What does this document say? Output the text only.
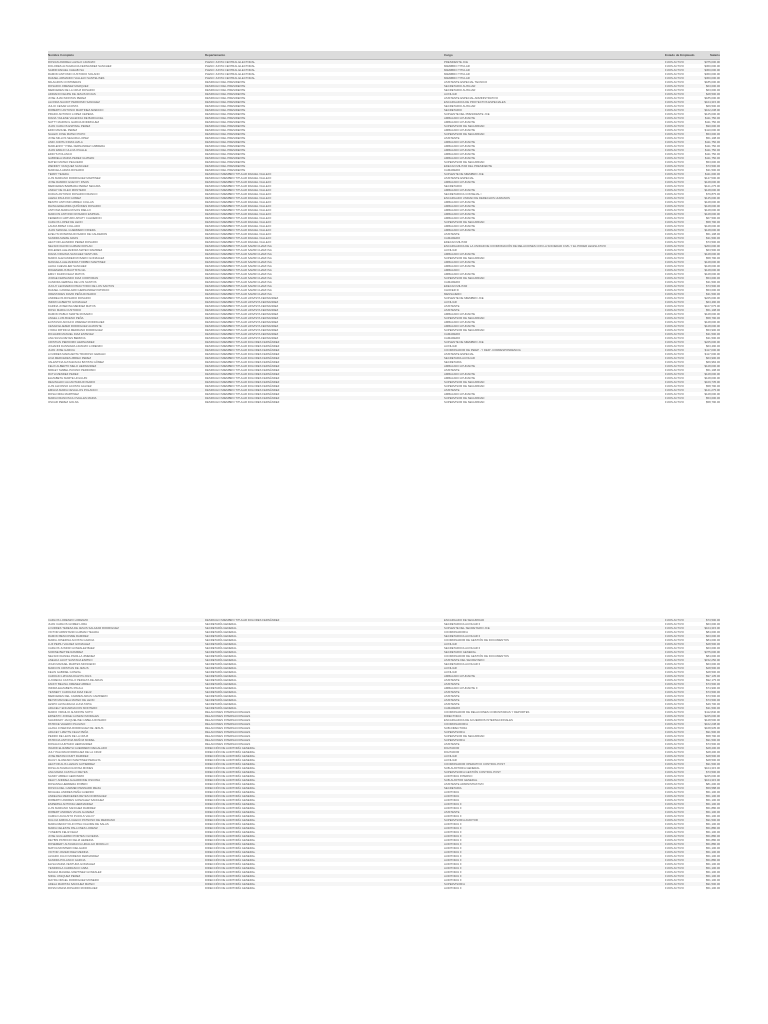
Nombre Completo	Departamento	Cargo	Estado de Empleado	Salario
ROSIAN ANDREA LAZALO LIRANZO	PLENO JUNTA CENTRAL ELECTORAL	PRESIDENTE JCE	FIJOS ACTIVO	$375,000.00
DOLORES ALTAGRACIA FERNANDEZ SANCHEZ	PLENO JUNTA CENTRAL ELECTORAL	MIEMBRO TITULAR	FIJOS ACTIVO	$360,000.00
SAMIR RAFAEL CHEAB ISA	PLENO JUNTA CENTRAL ELECTORAL	MIEMBRO TITULAR	FIJOS ACTIVO	$360,000.00
RAMON ANTONIO CUSTODIO SOLANO	PLENO JUNTA CENTRAL ELECTORAL	MIEMBRO TITULAR	FIJOS ACTIVO	$360,000.00
RAFAEL ARMANDO VALLEJO SANTELISES	PLENO JUNTA CENTRAL ELECTORAL	MIEMBRO TITULAR	FIJOS ACTIVO	$360,000.00
MILAGROS CONTRERAS	DESPACHO DEL PRESIDENTE	ASISTENTE ESPECIAL TECNICO	FIJOS ACTIVO	$185,000.00
ROSARIO JIMENEZ MARQUEZ	DESPACHO DEL PRESIDENTE	SECRETARIO AUXILIAR	FIJOS ACTIVO	$63,000.00
MERCEDES DE LA CRUZ ROSARIO	DESPACHO DEL PRESIDENTE	SECRETARIO AUXILIAR	FIJOS ACTIVO	$63,000.00
ADRIANO FELIPE DE JESUS ROJAS	DESPACHO DEL PRESIDENTE	AUXILIAR	FIJOS ACTIVO	$28,500.00
JOSE JUAN MONTAS PEREZ	DESPACHO DEL PRESIDENTE	ASISTENTE ESPECIAL ADMINISTRATIVO	FIJOS ACTIVO	$185,000.00
ALONDA NAUDIT PERDOMO SANCHEZ	DESPACHO DEL PRESIDENTE	ENCARGADO/A DE PROYECTOS ESPECIALES	FIJOS ACTIVO	$104,315.00
JULIO CESAR ACOSTA	DESPACHO DEL PRESIDENTE	SECRETARIO AUXILIAR	FIJOS ACTIVO	$69,500.00
ROBERTO ANTONIO MARTINEZ ARENCIO	DESPACHO DEL PRESIDENTE	SECRETARIO	FIJOS ACTIVO	$102,238.00
PRADO ANTONIO LOPEZ CEPEDA	DESPACHO DEL PRESIDENTE	SUPLENTE DEL PRESIDENTE JCE	FIJOS ACTIVO	$125,000.00
DIANA YAILENE VALENCIA DE BARCACEL	DESPACHO DEL PRESIDENTE	AMBAJADO AYUDANTE	FIJOS ACTIVO	$111,750.00
NATTY MARISOL GARCIA RODRIGUEZ	DESPACHO DEL PRESIDENTE	AMBAJADO AYUDANTE	FIJOS ACTIVO	$111,750.00
JUAN CARLOS ESPINAL PEREZ	DESPACHO DEL PRESIDENTE	SUPERVISOR DE SEGURIDAD	FIJOS ACTIVO	$90,000.00
EDDI MANUEL PEREZ	DESPACHO DEL PRESIDENTE	AMBAJADO AYUDANTE	FIJOS ACTIVO	$110,000.00
NALEXI JOSE MATEO PUPO	DESPACHO DEL PRESIDENTE	SUPERVISOR DE SEGURIDAD	FIJOS ACTIVO	$53,000.00
JOSE MILLOS SEGURA LOPEZ	DESPACHO DEL PRESIDENTE	ASISTENTE	FIJOS ACTIVO	$51,108.00
ANDI JUDITH FRIAS AVILA	DESPACHO DEL PRESIDENTE	AMBAJADO AYUDANTE	FIJOS ACTIVO	$111,750.00
MARLENNY YTZEL FERNANDEZ CABRERA	DESPACHO DEL PRESIDENTE	AMBAJADO AYUDANTE	FIJOS ACTIVO	$111,750.00
JUAN EMILIO ULLOA OVALLE	DESPACHO DEL PRESIDENTE	AMBAJADO AYUDANTE	FIJOS ACTIVO	$111,750.00
EDDYS POLANCO	DESPACHO DEL PRESIDENTE	AMBAJADO AYUDANTE	FIJOS ACTIVO	$111,750.00
GABRIELA MARIA PEREZ GUZMAN	DESPACHO DEL PRESIDENTE	AMBAJADO AYUDANTE	FIJOS ACTIVO	$111,750.00
MATEO MATEO PEGUERO	DESPACHO DEL PRESIDENTE	SUPERVISOR DE SEGURIDAD	FIJOS ACTIVO	$53,000.00
WENDRY VASQUEZ SANCHEZ	DESPACHO DEL PRESIDENTE	EDECAN MILITAR DEL PRESIDENTE	FIJOS ACTIVO	$73,500.00
MARCELA ARIAS ROSARIO	DESPACHO DEL PRESIDENTE	CAMARERO	FIJOS ACTIVO	$31,500.00
TERRY TEJEDA	DESPACHO MIEMBRO TITULAR RAFAEL VALLEJO	SUPLENTE DE MIEMBRO JCE	FIJOS ACTIVO	$111,000.00
LUIS MARIANO RODRIGUEZ MARTINEZ	DESPACHO MIEMBRO TITULAR RAFAEL VALLEJO	ASISTENTE ESPECIAL	FIJOS ACTIVO	$147,500.00
JOSE RAMIRO GUEVOY RIVAS	DESPACHO MIEMBRO TITULAR RAFAEL VALLEJO	AMBAJADO AYUDANTE	FIJOS ACTIVO	$128,000.00
MERCEDES BARBARA PEREZ SEGURA	DESPACHO MIEMBRO TITULAR RAFAEL VALLEJO	SECRETARIO	FIJOS ACTIVO	$121,275.00
ANDHY DE OLEO MONTERO	DESPACHO MIEMBRO TITULAR RAFAEL VALLEJO	AMBAJADO AYUDANTE	FIJOS ACTIVO	$128,000.00
DUDAS ANTONIO ROSARIO FRANCO	DESPACHO MIEMBRO TITULAR RAFAEL VALLEJO	SECRETARIO/A CONSEJAL I	FIJOS ACTIVO	$79,875.00
ALENA PAULINO GOMEZ	DESPACHO MIEMBRO TITULAR RAFAEL VALLEJO	ENCARGADO UNIDAD DE DERECHOS HUMANOS	FIJOS ACTIVO	$145,000.00
BENITO ANTONIO ABREU COLLAS	DESPACHO MIEMBRO TITULAR RAFAEL VALLEJO	AMBAJADO AYUDANTE	FIJOS ACTIVO	$128,000.00
RHINA EDELMIRA QUIÑONES ROSARIO	DESPACHO MIEMBRO TITULAR RAFAEL VALLEJO	AMBAJADO AYUDANTE	FIJOS ACTIVO	$128,000.00
ANTONIA MARIA ROVAS RIELLO	DESPACHO MIEMBRO TITULAR RAFAEL VALLEJO	AMBAJADO AYUDANTE	FIJOS ACTIVO	$128,000.00
MARCOS ANTONIO ROSARIO ESPINAL	DESPACHO MIEMBRO TITULAR RAFAEL VALLEJO	AMBAJADO AYUDANTE	FIJOS ACTIVO	$128,000.00
FEDERICO ARTURO APIATY CALDERON	DESPACHO MIEMBRO TITULAR RAFAEL VALLEJO	AMBAJADO AYUDANTE	FIJOS ACTIVO	$67,500.00
CARLOS LOPEZ DE LEON	DESPACHO MIEMBRO TITULAR RAFAEL VALLEJO	SUPERVISOR DE SEGURIDAD	FIJOS ACTIVO	$58,790.00
LAURA BIPEZ COLLADO	DESPACHO MIEMBRO TITULAR RAFAEL VALLEJO	AMBAJADO AYUDANTE	FIJOS ACTIVO	$128,000.00
JUAN MANUEL GUERRERO FRIERA	DESPACHO MIEMBRO TITULAR RAFAEL VALLEJO	AMBAJADO AYUDANTE	FIJOS ACTIVO	$128,000.00
EVELYN ROSMINA ROSARIO DE CALDERON	DESPACHO MIEMBRO TITULAR RAFAEL VALLEJO	ASISTENTE	FIJOS ACTIVO	$51,108.00
SANDRA MARIE ARIAS	DESPACHO MIEMBRO TITULAR RAFAEL VALLEJO	CAMARERO	FIJOS ACTIVO	$31,500.00
HECTOR LEANDRO PEREZ ROSARIO	DESPACHO MIEMBRO TITULAR RAFAEL VALLEJO	EDECAN MILITAR	FIJOS ACTIVO	$73,500.00
NELSON DAVID GUZMAN DIPLAN	DESPACHO MIEMBRO TITULAR SAMIR CHAMI ISA	ENCARGADO/A DE LA UNIDAD DE COORDINACIÓN DE RELACIONES CON LA SOCIEDAD CIVIL Y EL PODER LEGISLATIVO	FIJOS ACTIVO	$200,000.00
ROLEDES ALEJANDRA MATEO RAMIREZ	DESPACHO MIEMBRO TITULAR SAMIR CHAMI ISA	AUXILIAR	FIJOS ACTIVO	$63,500.00
DIANA VIRGINIA SANCHEZ VENTURA	DESPACHO MIEMBRO TITULAR SAMIR CHAMI ISA	AMBAJADO AYUDANTE	FIJOS ACTIVO	$128,000.00
MARIO ALEXANDER ROSARIO GONZALEZ	DESPACHO MIEMBRO TITULAR SAMIR CHAMI ISA	SUPERVISOR DE SEGURIDAD	FIJOS ACTIVO	$58,790.00
MANUELA ALEJANDRA TORIBIO MARTINEZ	DESPACHO MIEMBRO TITULAR SAMIR CHAMI ISA	AMBAJADO AYUDANTE	FIJOS ACTIVO	$128,000.00
ALIDA CHEVALIER SANCHEZ	DESPACHO MIEMBRO TITULAR SAMIR CHAMI ISA	AMBAJADO AYUDANTE	FIJOS ACTIVO	$128,000.00
ROHEMARLIS BAUTISTA GIL	DESPACHO MIEMBRO TITULAR SAMIR CHAMI ISA	AMBAJADO	FIJOS ACTIVO	$128,000.00
EMILY DARIN FELIZ MATOS	DESPACHO MIEMBRO TITULAR SAMIR CHAMI ISA	AMBAJADO AYUDANTE	FIJOS ACTIVO	$128,000.00
JORGE FERNANDO DIAZ CORPORAN	DESPACHO MIEMBRO TITULAR SAMIR CHAMI ISA	SUPERVISOR DE SEGURIDAD	FIJOS ACTIVO	$53,000.00
CANDIDA GEBINAL DE LOS SANTOS	DESPACHO MIEMBRO TITULAR SAMIR CHAMI ISA	CAMARERO	FIJOS ACTIVO	$31,500.00
JUCHY LEONARDO PRACTVIDO DE LOS SANTOS	DESPACHO MIEMBRO TITULAR SAMIR CHAMI ISA	EDECAN MILITAR	FIJOS ACTIVO	$73,500.00
RAFAEL CANDELARIO HERNANDEZ PATRICIO	DESPACHO MIEMBRO TITULAR SAMIR CHAMI ISA	CHOFER III	FIJOS ACTIVO	$53,000.00
ORESTADES DAVID PEÑA ROSARIO	DESPACHO MIEMBRO TITULAR SAMIR CHAMI ISA	MENSAJERO	FIJOS ACTIVO	$31,500.00
ANDRELOS ROSARIO ROSARIO	DESPACHO MIEMBRO TITULAR HINVISTA FERNANDEZ	SUPLENTE DE MIEMBRO JCE	FIJOS ACTIVO	$225,000.00
ISIDRO ALBERTO GONZALEZ	DESPACHO MIEMBRO TITULAR HINVISTA FERNANDEZ	AUXILIAR	FIJOS ACTIVO	$63,490.00
KARINA JOSEFINA MENDEZ MATOS	DESPACHO MIEMBRO TITULAR HINVISTA FERNANDEZ	ASISTENTE	FIJOS ACTIVO	$107,675.00
ROSU MARIA CUSTODIO	DESPACHO MIEMBRO TITULAR HINVISTA FERNANDEZ	ASISTENTE	FIJOS ACTIVO	$51,108.00
RAMON PABLO MARTE ROSARIO	DESPACHO MIEMBRO TITULAR HINVISTA FERNANDEZ	AMBAJADO AYUDANTE	FIJOS ACTIVO	$128,000.00
ANGEL LUIS BUENO PEÑA	DESPACHO MIEMBRO TITULAR HINVISTA FERNANDEZ	SUPERVISOR DE SEGURIDAD	FIJOS ACTIVO	$58,790.00
EUSTASIO ADOLFO JIMENEZ RODRIGUEZ	DESPACHO MIEMBRO TITULAR HINVISTA FERNANDEZ	AMBAJADO AYUDANTE	FIJOS ACTIVO	$128,000.00
CESAR ELIEZER RODRIGUEZ ALMONTE	DESPACHO MIEMBRO TITULAR HINVISTA FERNANDEZ	AMBAJADO AYUDANTE	FIJOS ACTIVO	$128,000.00
LYDDA PATRICIA MEDRANO RODRIGUEZ	DESPACHO MIEMBRO TITULAR HINVISTA FERNANDEZ	SUPERVISOR DE SEGURIDAD	FIJOS ACTIVO	$53,900.00
RICHARD MANUEL DIAZ ESTEVEZ	DESPACHO MIEMBRO TITULAR HINVISTA FERNANDEZ	CAMARERO	FIJOS ACTIVO	$31,500.00
ANA SILVIA REYES BERROA	DESPACHO MIEMBRO TITULAR HINVISTA FERNANDEZ	CAMARERO	FIJOS ACTIVO	$31,500.00
CRISTIAN PERDOMO HERNANDEZ	DESPACHO MIEMBRO TITULAR DOLORES FERNÁNDEZ	SUPLENTE DE MIEMBRO JCE	FIJOS ACTIVO	$225,000.00
JOHANNI DANNIARA LIRANZO LORENZO	DESPACHO MIEMBRO TITULAR DOLORES FERNÁNDEZ	AUXILIAR	FIJOS ACTIVO	$63,490.00
JUAN JOSE GARCIA	DESPACHO MIEMBRO TITULAR DOLORES FERNÁNDEZ	COORDINADOR DE PEIEP - Y DEIP -CORRESPONDENCIA	FIJOS ACTIVO	$117,000.00
LOURDES MARGARITA TRUROSO GERALD	DESPACHO MIEMBRO TITULAR DOLORES FERNÁNDEZ	ASISTENTE ESPECIAL	FIJOS ACTIVO	$117,000.00
LINA MERCEDES ABREU PEREZ	DESPACHO MIEMBRO TITULAR DOLORES FERNÁNDEZ	SECRETARIA AUXILIAR	FIJOS ACTIVO	$63,900.00
VALENTINA ALTAGRACIA BATISTA GÓMEZ	DESPACHO MIEMBRO TITULAR DOLORES FERNÁNDEZ	SECRETARIA	FIJOS ACTIVO	$69,984.00
FELIX ALBERTO MELO HERNANDEZ	DESPACHO MIEMBRO TITULAR DOLORES FERNÁNDEZ	AMBAJADO AYUDANTE	FIJOS ACTIVO	$128,000.00
MIRLEY MABEL PAYANO PERDOMO	DESPACHO MIEMBRO TITULAR DOLORES FERNÁNDEZ	ASISTENTE	FIJOS ACTIVO	$51,108.00
RUTH MENDEZ PEREZ	DESPACHO MIEMBRO TITULAR DOLORES FERNÁNDEZ	AMBAJADO AYUDANTE	FIJOS ACTIVO	$128,000.00
ELIZABETH MARTE HOLGUIN	DESPACHO MIEMBRO TITULAR DOLORES FERNÁNDEZ	AMBAJADO AYUDANTE	FIJOS ACTIVO	$128,000.00
REGINALDO ALCANTARA ROSARIO	DESPACHO MIEMBRO TITULAR DOLORES FERNÁNDEZ	SUPERVISOR DE SEGURIDAD	FIJOS ACTIVO	$109,735.00
LUIS ALFONSO ACOSTA GALVEZ	DESPACHO MIEMBRO TITULAR DOLORES FERNÁNDEZ	SUPERVISOR DE SEGURIDAD	FIJOS ACTIVO	$58,790.00
EMILDA MARIA CEVALLOS POLANCO	DESPACHO MIEMBRO TITULAR DOLORES FERNÁNDEZ	ASISTENTE	FIJOS ACTIVO	$121,275.00
ROSA NIDIA MARTINEZ	DESPACHO MIEMBRO TITULAR DOLORES FERNÁNDEZ	AMBAJADO AYUDANTE	FIJOS ACTIVO	$128,000.00
MARIA FRANCISCA OVALLES MARIA	DESPACHO MIEMBRO TITULAR DOLORES FERNÁNDEZ	SUPERVISOR DE SEGURIDAD	FIJOS ACTIVO	$53,000.00
OSCAR PEREZ GOLNA	DESPACHO MIEMBRO TITULAR DOLORES FERNÁNDEZ	SUPERVISOR DE SEGURIDAD	FIJOS ACTIVO	$58,790.00
CARLOS LORENZO LORENZO	DESPACHO MIEMBRO TITULAR DOLORES FERNÁNDEZ	ENCARGADO DE SEGURIDAD	FIJOS ACTIVO	$73,500.00
JUAN CARLOS GOMEZ LORA	SECRETARÍA GENERAL	SECRETARIO/A AUXILIAR II	FIJOS ACTIVO	$63,000.00
LOURDES TERESA DE JESUS SALAZAR RODRIGUEZ	SECRETARÍA GENERAL	SUPLENTE DEL SECRETARIO JCE	FIJOS ACTIVO	$104,315.00
VICTOR ARMSTAND GUZMAN TEJADA	SECRETARÍA GENERAL	COORDINADOR/A	FIJOS ACTIVO	$84,000.00
RAMON BENCOSME RAMIREZ	SECRETARÍA GENERAL	SECRETARIO/A AUXILIAR II	FIJOS ACTIVO	$63,000.00
MARIA JOSEFINA ACOSTA GARCIA	SECRETARÍA GENERAL	COORDINADOR DE GESTIÓN DE DOCUMENTOS	FIJOS ACTIVO	$84,000.00
LUZ PEPILI VALDEZ GONZALEZ	SECRETARÍA GENERAL	AUXILIAR	FIJOS ACTIVO	$28,500.00
CARLOS JUNIOR GONZALEZ BAEZ	SECRETARÍA GENERAL	SECRETARIO/A AUXILIAR II	FIJOS ACTIVO	$63,000.00
SORINE BEITRE RAMIREZ	SECRETARÍA GENERAL	SECRETARIO GENERAL	FIJOS ACTIVO	$375,000.00
NELSON DANIEL PADILLA JIMENEZ	SECRETARÍA GENERAL	COORDINADOR DE GESTIÓN DE DOCUMENTOS	FIJOS ACTIVO	$84,000.00
ANELDA JACIT SANTANA ESPINO	SECRETARÍA GENERAL	ASISTENTE DEL SECRETARIO	FIJOS ACTIVO	$152,250.00
JOHN MANUEL MARTES MONCENO	SECRETARÍA GENERAL	SECRETARIO/A AUXILIAR II	FIJOS ACTIVO	$63,000.00
MARCOS CRISTIAN DE JESUS	SECRETARÍA GENERAL	AUXILIAR	FIJOS ACTIVO	$28,500.00
KELIN GABRIEL GONZAL	SECRETARÍA GENERAL	AUXILIAR	FIJOS ACTIVO	$28,500.00
CAROLIN LIZVANA DIAZ PUJOLS	SECRETARÍA GENERAL	AMBAJADO AYUDANTE	FIJOS ACTIVO	$97,135.00
LUCRECIA CASTILLO PERALTA DE ARIAS	SECRETARÍA GENERAL	ASISTENTE	FIJOS ACTIVO	$92,175.00
FANNY BELINA JIMENEZ ABREU	SECRETARÍA GENERAL	ASISTENTE	FIJOS ACTIVO	$73,500.00
INDIRA ELIZABETH PAULA	SECRETARÍA GENERAL	AMBAJADO AYUDANTE II	FIJOS ACTIVO	$74,900.00
YENNEFY CAROLINA DIAZ FELIZ	SECRETARÍA GENERAL	ASISTENTE	FIJOS ACTIVO	$73,500.00
MERCEDES DEL CARMEN ARIAS CAMINERO	SECRETARÍA GENERAL	ASISTENTE	FIJOS ACTIVO	$73,500.00
BEYMI MANUELA MATEO DE LEON	SECRETARÍA GENERAL	ASISTENTE	FIJOS ACTIVO	$73,500.00
LESPO ALTAGRACIA LUNA TAPIA	SECRETARÍA GENERAL	ASISTENTE	FIJOS ACTIVO	$49,700.00
ARACELY ENCARNACION MONTERO	SECRETARÍA GENERAL	CAMARERO	FIJOS ACTIVO	$31,500.00
MARIO VIRGILIO ALMONTE SOTO	RELACIONES INTERNACIONALES	COORDINADOR DE RELACIONES COMUNITARIAS Y DEPORTES	FIJOS ACTIVO	$112,840.00
ERNESTO JORGE GUNZAN MORALES	RELACIONES INTERNACIONALES	DIRECTOR/A	FIJOS ACTIVO	$225,000.00
SHADDARY JACQUELINE CABELA ROSADO	RELACIONES INTERNACIONALES	ENCARGADO/A DE ACUERDOS INTERNACIONALES	FIJOS ACTIVO	$128,500.00
PATRICE VALERIO PAULINO	RELACIONES INTERNACIONALES	COORDINADOR/A	FIJOS ACTIVO	$102,238.00
ALANA JOSEFINA RODRIGUEZ DE JESUS	RELACIONES INTERNACIONALES	SUB-DIRECTORA	FIJOS ACTIVO	$168,935.00
ARACEY LIZETTE FELIZ PEÑA	RELACIONES INTERNACIONALES	SUPERVISOR/A	FIJOS ACTIVO	$91,500.00
PEDRO DE LEON DE LA CRUZ	RELACIONES INTERNACIONALES	SUPERVISOR DE SEGURIDAD	FIJOS ACTIVO	$58,790.00
PATRICIA ANTONIA MUÑOZ MOREL	RELACIONES INTERNACIONALES	SUPERVISOR/A	FIJOS ACTIVO	$91,500.00
DONALD HURTADO HERNANDEZ	RELACIONES INTERNACIONALES	ASISTENTE	FIJOS ACTIVO	$73,500.00
INGRID ELIZABETH GUERRERO REGALADO	DIRECCIÓN DE AUDITORÍA GENERAL	DIGITADOR	FIJOS ACTIVO	$28,200.00
JULY PALOMA RODRIGUEZ DE LA CRUZ	DIRECCIÓN DE AUDITORÍA GENERAL	DIGITADOR	FIJOS ACTIVO	$28,200.00
JOSE BETANCOURT RAMIREZ	DIRECCIÓN DE AUDITORÍA GENERAL	AUXILIAR	FIJOS ACTIVO	$28,500.00
RAULY ALVARADO MARTINEZ PERALTA	DIRECCIÓN DE AUDITORÍA GENERAL	AUXILIAR	FIJOS ACTIVO	$28,500.00
HECTOR ALIS LLENAS GUTIERREZ	DIRECCIÓN DE AUDITORÍA GENERAL	COORDINADOR OPERATIVO CONTROL POST	FIJOS ACTIVO	$91,500.00
ROSA ALTAGRACIA ROSA MONES	DIRECCIÓN DE AUDITORÍA GENERAL	SUB-AUDITOR/A GENERAL	FIJOS ACTIVO	$104,315.00
ANA MARIA CASTILLO REYES	DIRECCIÓN DE AUDITORÍA GENERAL	SUPERVISOR/A GESTIÓN CONTROL POST	FIJOS ACTIVO	$73,500.00
SANDY ABREU GERONIMO	DIRECCIÓN DE AUDITORÍA GENERAL	AUDITOR/A INTERNO	FIJOS ACTIVO	$225,000.00
DELFY ANDREA ALGARRONE OSCONA	DIRECCIÓN DE AUDITORÍA GENERAL	SUB-AUDITOR GENERAL	FIJOS ACTIVO	$104,315.00
ROSANNA HERRERA D'OBRO	DIRECCIÓN DE AUDITORÍA GENERAL	ASISTENTE ADMINISTRATIVO	FIJOS ACTIVO	$81,200.00
ROSICA DEL CARMEN PENNARD MEJIA	DIRECCIÓN DE AUDITORÍA GENERAL	SECRETARIA	FIJOS ACTIVO	$59,588.00
MICHAEL ANDRES PEÑA GUERRO	DIRECCIÓN DE AUDITORÍA GENERAL	AUDITOR/A	FIJOS ACTIVO	$51,100.00
ANDELINA MERCEDES REYES DOMINGUEZ	DIRECCIÓN DE AUDITORÍA GENERAL	AUDITOR/A	FIJOS ACTIVO	$51,100.00
ROBERTO ANDRES GONZALEZ SANCHEZ	DIRECCIÓN DE AUDITORÍA GENERAL	AUDITOR/A	FIJOS ACTIVO	$51,100.00
ESPERINA ANTONIA HERNANDEZ	DIRECCIÓN DE AUDITORÍA GENERAL	AUDITOR/A II	FIJOS ACTIVO	$51,100.00
LUIS MARIANO SANCHEZ RAMIREZ	DIRECCIÓN DE AUDITORÍA GENERAL	AUDITOR/A II	FIJOS ACTIVO	$51,880.00
ROBERT ANDRES VIUAN ALVAREZ	DIRECCIÓN DE AUDITORÍA GENERAL	ASISTENTE	FIJOS ACTIVO	$51,100.00
CAMILO AUGUSTO PUJOLS VALOY	DIRECCIÓN DE AUDITORÍA GENERAL	AUDITOR/A II	FIJOS ACTIVO	$51,100.00
DULCIA FABIOLA CHECO PATNOSO DE MEDRANO	DIRECCIÓN DE AUDITORÍA GENERAL	SUPERVISOR/A AUDITOR	FIJOS ACTIVO	$91,500.00
MARIA RENCIYOLIO PINA OALORE DE SALAS	DIRECCIÓN DE AUDITORÍA GENERAL	AUDITOR/A II	FIJOS ACTIVO	$51,100.00
MARIA CELESTE PALLONES LORENZ	DIRECCIÓN DE AUDITORÍA GENERAL	AUDITOR/A II	FIJOS ACTIVO	$51,880.00
YUNEIRIS FELIZ FELIZ	DIRECCIÓN DE AUDITORÍA GENERAL	AUDITOR/A II	FIJOS ACTIVO	$51,100.00
JOSE GUILLERMO PORTES OLIVERIA	DIRECCIÓN DE AUDITORÍA GENERAL	AUDITOR/A II	FIJOS ACTIVO	$51,880.00
DEYBIS PATRICIO FELIZ HEREDIA	DIRECCIÓN DE AUDITORÍA GENERAL	AUDITOR/A II	FIJOS ACTIVO	$51,880.00
ROSEMERY ALTAGRACIA HIDALGO MORILLO	DIRECCIÓN DE AUDITORÍA GENERAL	AUDITOR/A II	FIJOS ACTIVO	$51,880.00
MATOA MONTERO DELGADO	DIRECCIÓN DE AUDITORÍA GENERAL	AUDITOR/A II	FIJOS ACTIVO	$51,100.00
VICTOR JAVIER PAEZ MEDINA	DIRECCIÓN DE AUDITORÍA GENERAL	AUDITOR/A II	FIJOS ACTIVO	$51,100.00
ALVARO JULIO MORENO FERNANDEZ	DIRECCIÓN DE AUDITORÍA GENERAL	AUDITOR/A II	FIJOS ACTIVO	$51,100.00
SANDRA POLANCO GARCIA	DIRECCIÓN DE AUDITORÍA GENERAL	AUDITOR/A II	FIJOS ACTIVO	$51,880.00
ELISA MARIA VENTURA GONZALEZ	DIRECCIÓN DE AUDITORÍA GENERAL	AUDITOR/A II	FIJOS ACTIVO	$51,100.00
YENDROLA CARRASCO CABA	DIRECCIÓN DE AUDITORÍA GENERAL	AUDITOR/A II	FIJOS ACTIVO	$51,100.00
MAGDA MAGDEL MARTINEZ GONZALEZ	DIRECCIÓN DE AUDITORÍA GENERAL	AUDITOR/A II	FIJOS ACTIVO	$51,100.00
NIRAL VASQUEZ PEREZ	DIRECCIÓN DE AUDITORÍA GENERAL	AUDITOR/A II	FIJOS ACTIVO	$51,100.00
MAYRA ORGEL RODRIGUEZ MONERO	DIRECCIÓN DE AUDITORÍA GENERAL	AUDITOR/A II	FIJOS ACTIVO	$51,100.00
ADELA MARITZA SANCHEZ MATEO	DIRECCIÓN DE AUDITORÍA GENERAL	SUPERVISOR/A	FIJOS ACTIVO	$91,500.00
ROSSI MARIA ROSARIO RODRIGUEZ	DIRECCIÓN DE AUDITORÍA GENERAL	AUDITOR/A II	FIJOS ACTIVO	$51,100.00
